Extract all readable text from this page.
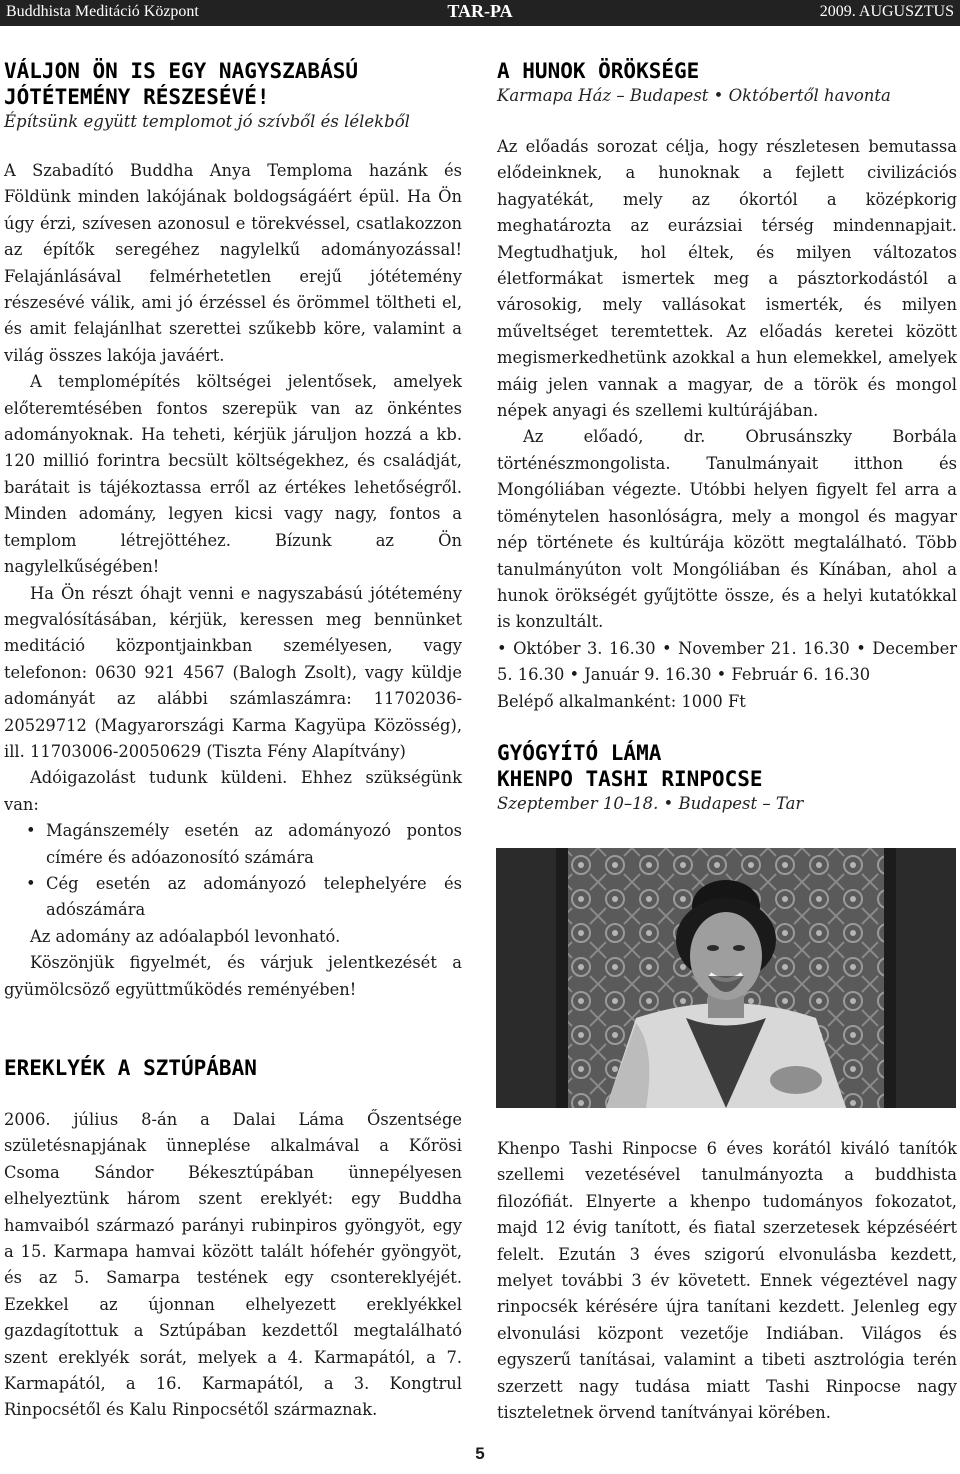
Buddhista Meditáció Központ	TAR-PA	2009. AUGUSZTUS
VÁLJON ÖN IS EGY NAGYSZABÁSÚ
JÓTÉTEMÉNY RÉSZESÉVÉ!

Építsünk együtt templomot jó szívből és lélekből

A Szabadító Buddha Anya Temploma hazánk és Földünk minden lakójának boldogságáért épül. Ha Ön úgy érzi, szívesen azonosul e törekvéssel, csatlakozzon az építők seregéhez nagylelkű adományozással! Felajánlásával felmérhetetlen erejű jótétemény részesévé válik, ami jó érzéssel és örömmel töltheti el, és amit felajánlhat szerettei szűkebb köre, valamint a világ összes lakója javáért.

A templomépítés költségei jelentősek, amelyek előteremtésében fontos szerepük van az önkéntes adományoknak. Ha teheti, kérjük járuljon hozzá a kb. 120 millió forintra becsült költségekhez, és családját, barátait is tájékoztassa erről az értékes lehetőségről. Minden adomány, legyen kicsi vagy nagy, fontos a templom létrejöttéhez. Bízunk az Ön nagylelkűségében!

Ha Ön részt óhajt venni e nagyszabású jótétemény megvalósításában, kérjük, keressen meg bennünket meditáció központjainkban személyesen, vagy telefonon: 0630 921 4567 (Balogh Zsolt), vagy küldje adományát az alábbi számlaszámra: 11702036-20529712 (Magyarországi Karma Kagyüpa Közösség), ill. 11703006-20050629 (Tiszta Fény Alapítvány)

Adóigazolást tudunk küldeni. Ehhez szükségünk van:

• Magánszemély esetén az adományozó pontos címére és adóazonosító számára
• Cég esetén az adományozó telephelyére és adószámára

Az adomány az adóalapból levonható.

Köszönjük figyelmét, és várjuk jelentkezését a gyümölcsöző együttműködés reményében!

EREKLYÉK A SZTÚPÁBAN

2006. július 8-án a Dalai Láma Őszentsége születésnapjának ünneplése alkalmával a Kőrösi Csoma Sándor Békesztúpában ünnepélyesen elhelyeztünk három szent ereklyét: egy Buddha hamvaiból származó parányi rubinpiros gyöngyöt, egy a 15. Karmapa hamvai között talált hófehér gyöngyöt, és az 5. Samarpa testének egy csontereklyéjét. Ezekkel az újonnan elhelyezett ereklyékkel gazdagítottuk a Sztúpában kezdettől megtalálható szent ereklyék sorát, melyek a 4. Karmapától, a 7. Karmapától, a 16. Karmapától, a 3. Kongtrul Rinpocsétől és Kalu Rinpocsétől származnak.

A HUNOK ÖRÖKSÉGE

Karmapa Ház – Budapest • Októbertől havonta

Az előadás sorozat célja, hogy részletesen bemutassa elődeinknek, a hunoknak a fejlett civilizációs hagyatékát, mely az ókortól a középkorig meghatározta az eurázsiai térség mindennapjait. Megtudhatjuk, hol éltek, és milyen változatos életformákat ismertek meg a pásztorkodástól a városokig, mely vallásokat ismerték, és milyen műveltséget teremtettek. Az előadás keretei között megismerkedhetünk azokkal a hun elemekkel, amelyek máig jelen vannak a magyar, de a török és mongol népek anyagi és szellemi kultúrájában.

Az előadó, dr. Obrusánszky Borbála történészmongolista. Tanulmányait itthon és Mongóliában végezte. Utóbbi helyen figyelt fel arra a töménytelen hasonlóságra, mely a mongol és magyar nép története és kultúrája között megtalálható. Több tanulmányúton volt Mongóliában és Kínában, ahol a hunok örökségét gyűjtötte össze, és a helyi kutatókkal is konzultált.

• Október 3. 16.30 • November 21. 16.30 • December 5. 16.30 • Január 9. 16.30 • Február 6. 16.30

Belépő alkalmanként: 1000 Ft

GYÓGYÍTÓ LÁMA
KHENPO TASHI RINPOCSE

Szeptember 10–18. • Budapest – Tar

Khenpo Tashi Rinpocse 6 éves korától kiváló tanítók szellemi vezetésével tanulmányozta a buddhista filozófiát. Elnyerte a khenpo tudományos fokozatot, majd 12 évig tanított, és fiatal szerzetesek képzéséért felelt. Ezután 3 éves szigorú elvonulásba kezdett, melyet további 3 év követett. Ennek végeztével nagy rinpocsék kérésére újra tanítani kezdett. Jelenleg egy elvonulási központ vezetője Indiában. Világos és egyszerű tanításai, valamint a tibeti asztrológia terén szerzett nagy tudása miatt Tashi Rinpocse nagy tiszteletnek örvend tanítványai körében.

5
